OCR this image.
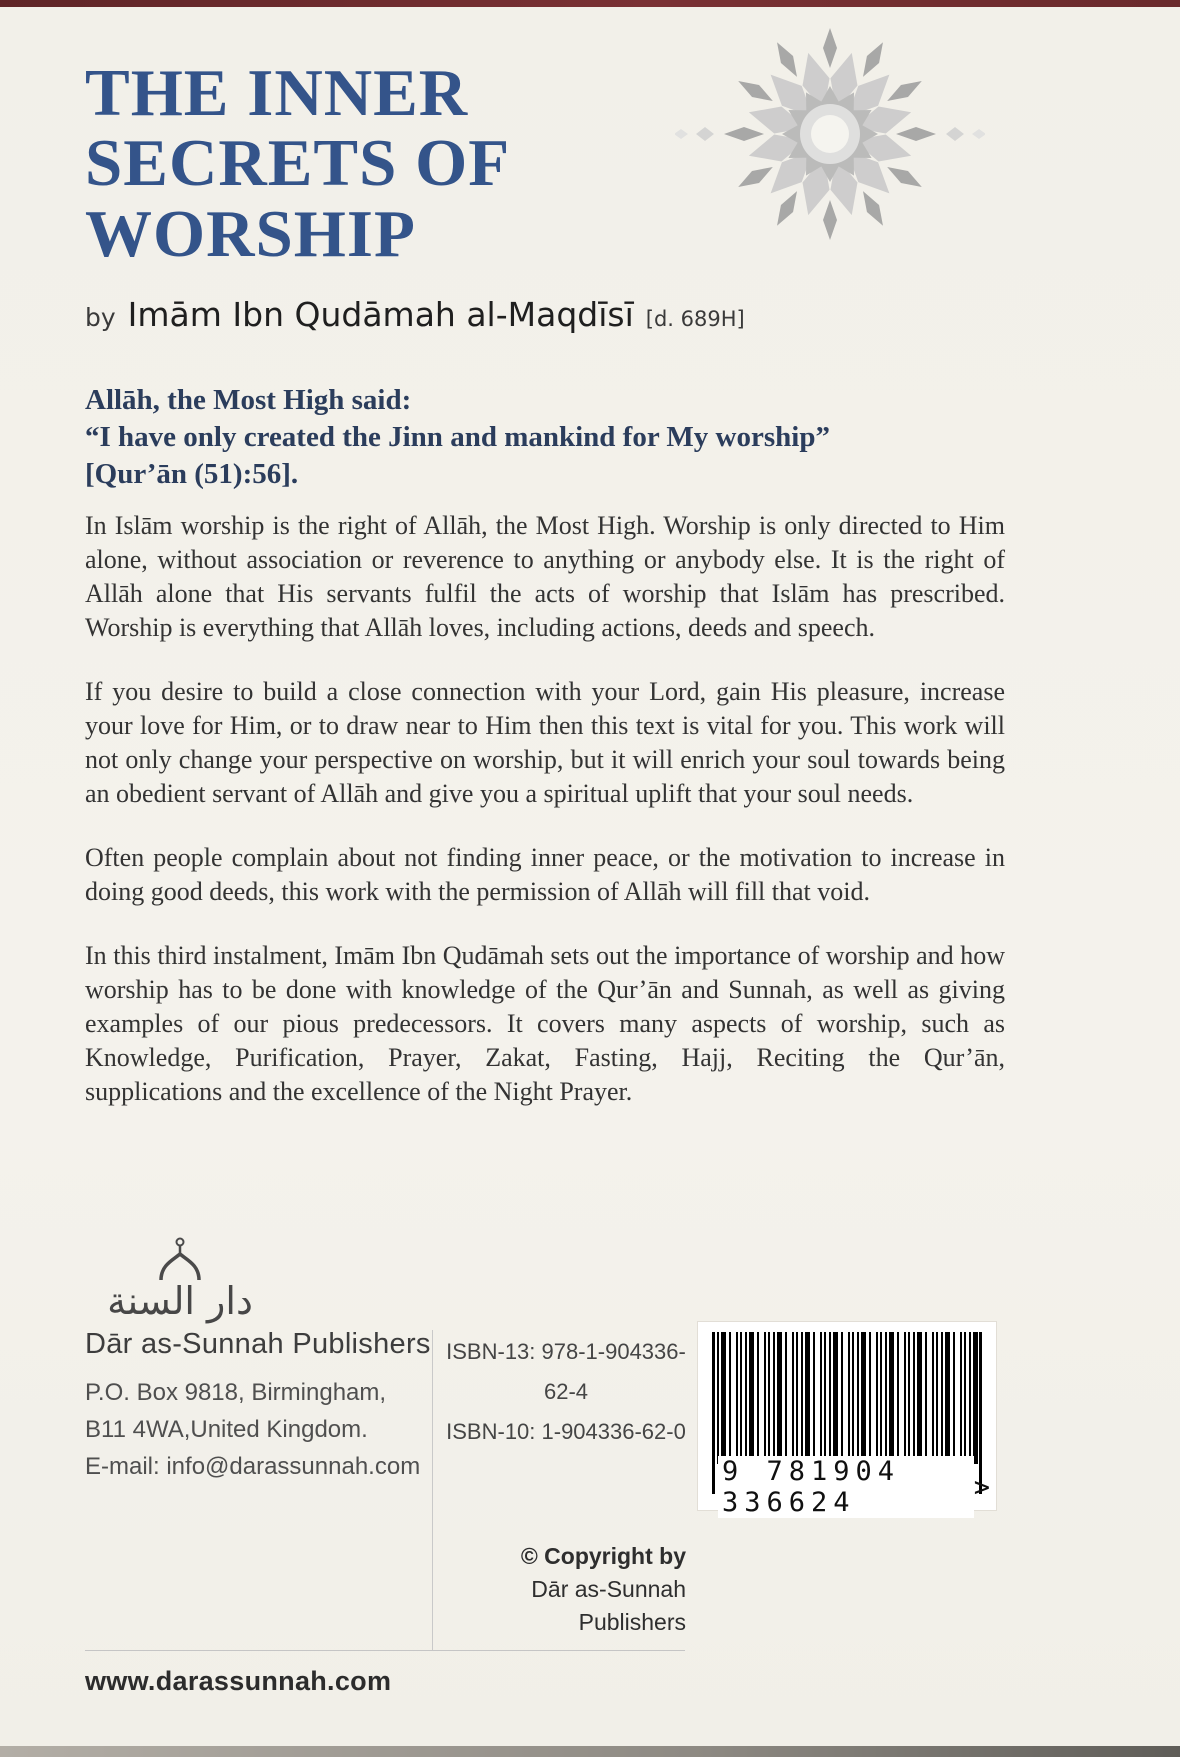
THE INNER
SECRETS OF
WORSHIP
by Imām Ibn Qudāmah al-Maqdīsī [d. 689H]
Allāh, the Most High said:
“I have only created the Jinn and mankind for My worship”
[Qur’ān (51):56].

In Islām worship is the right of Allāh, the Most High. Worship is only directed to Him alone, without association or reverence to anything or anybody else. It is the right of Allāh alone that His servants fulfil the acts of worship that Islām has prescribed. Worship is everything that Allāh loves, including actions, deeds and speech.

If you desire to build a close connection with your Lord, gain His pleasure, increase your love for Him, or to draw near to Him then this text is vital for you. This work will not only change your perspective on worship, but it will enrich your soul towards being an obedient servant of Allāh and give you a spiritual uplift that your soul needs.

Often people complain about not finding inner peace, or the motivation to increase in doing good deeds, this work with the permission of Allāh will fill that void.

In this third instalment, Imām Ibn Qudāmah sets out the importance of worship and how worship has to be done with knowledge of the Qur’ān and Sunnah, as well as giving examples of our pious predecessors. It covers many aspects of worship, such as Knowledge, Purification, Prayer, Zakat, Fasting, Hajj, Reciting the Qur’ān, supplications and the excellence of the Night Prayer.

دار السنة
Dār as-Sunnah Publishers
P.O. Box 9818, Birmingham,
B11 4WA,United Kingdom.
E-mail: info@darassunnah.com
ISBN-13: 978-1-904336-62-4
ISBN-10: 1-904336-62-0
© Copyright by
Dār as-Sunnah Publishers
9 781904 336624	>
www.darassunnah.com
